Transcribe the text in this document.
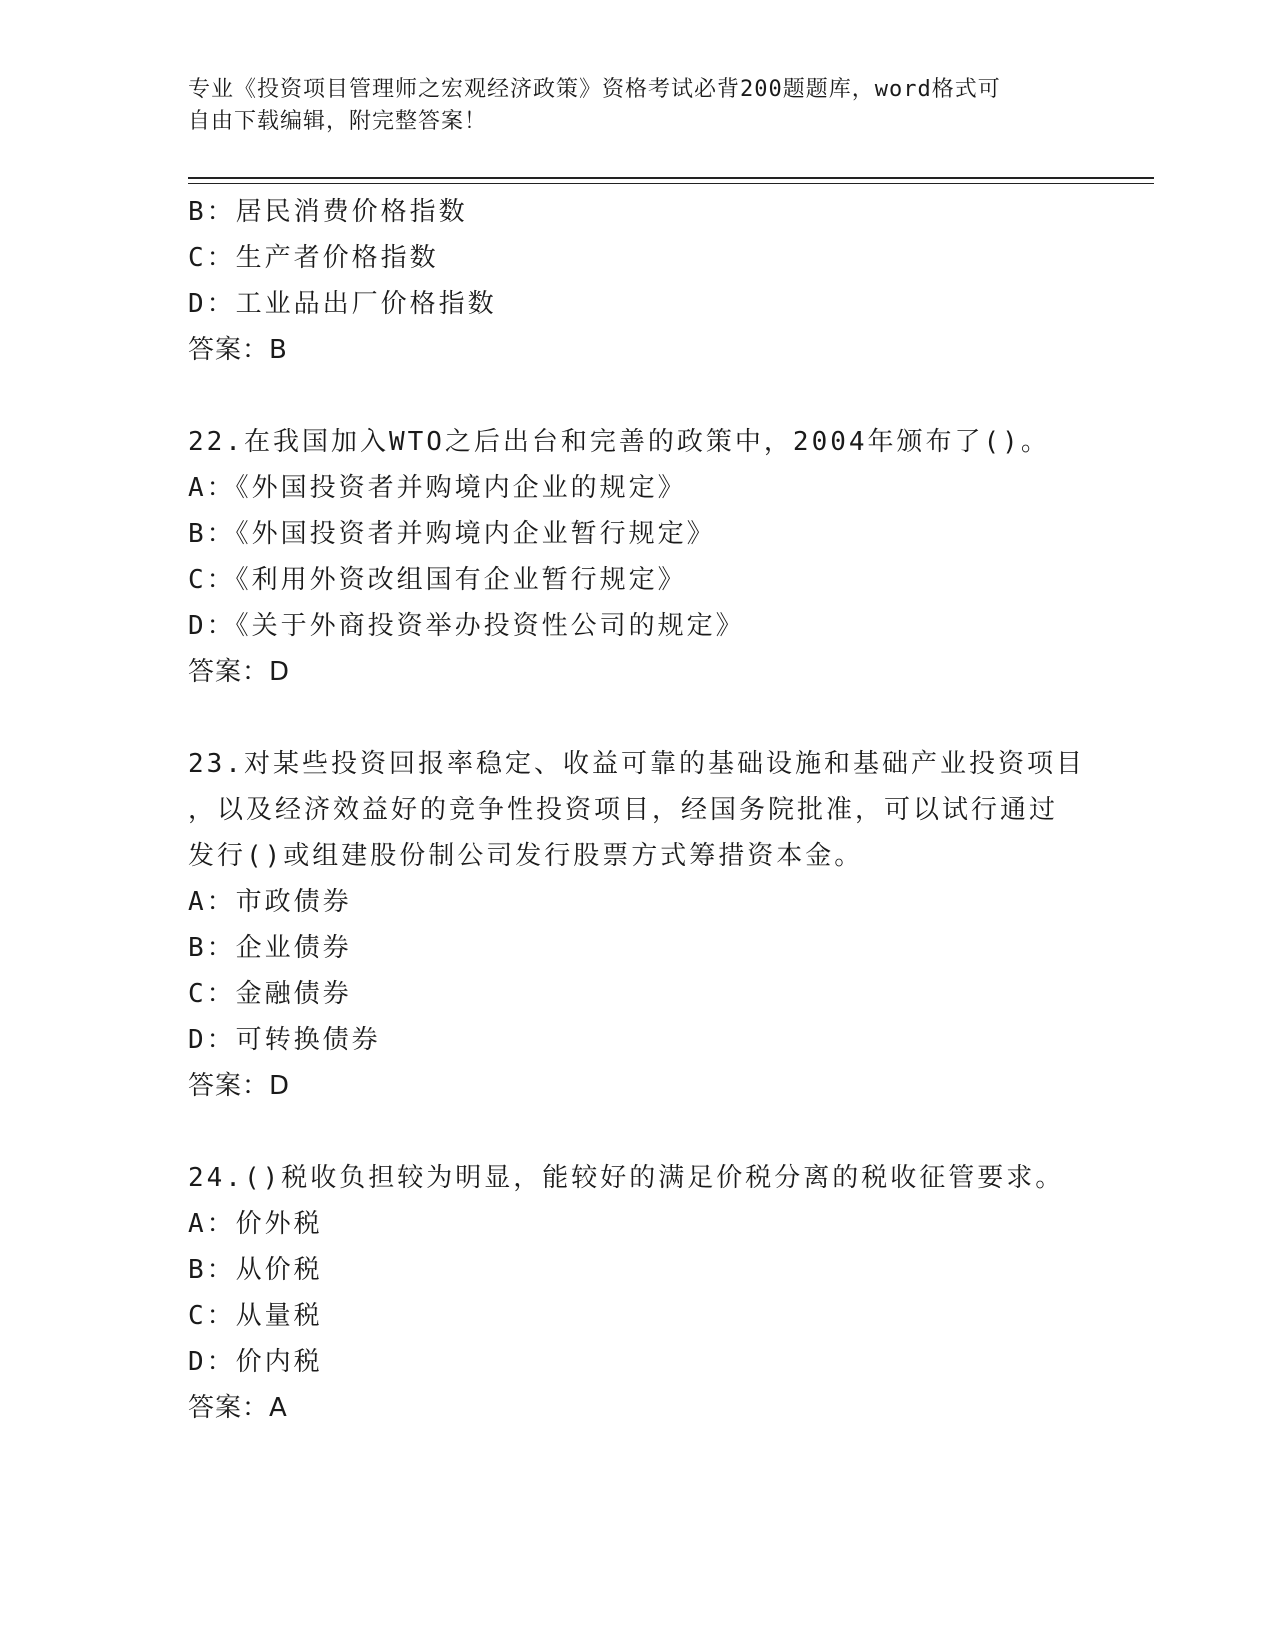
专业《投资项目管理师之宏观经济政策》资格考试必背200题题库，word格式可
自由下载编辑，附完整答案！
B：居民消费价格指数
C：生产者价格指数
D：工业品出厂价格指数
答案：B
22.在我国加入WTO之后出台和完善的政策中，2004年颁布了()。
A：《外国投资者并购境内企业的规定》
B：《外国投资者并购境内企业暂行规定》
C：《利用外资改组国有企业暂行规定》
D：《关于外商投资举办投资性公司的规定》
答案：D
23.对某些投资回报率稳定、收益可靠的基础设施和基础产业投资项目
，以及经济效益好的竞争性投资项目，经国务院批准，可以试行通过
发行()或组建股份制公司发行股票方式筹措资本金。
A：市政债券
B：企业债券
C：金融债券
D：可转换债券
答案：D
24.()税收负担较为明显，能较好的满足价税分离的税收征管要求。
A：价外税
B：从价税
C：从量税
D：价内税
答案：A
